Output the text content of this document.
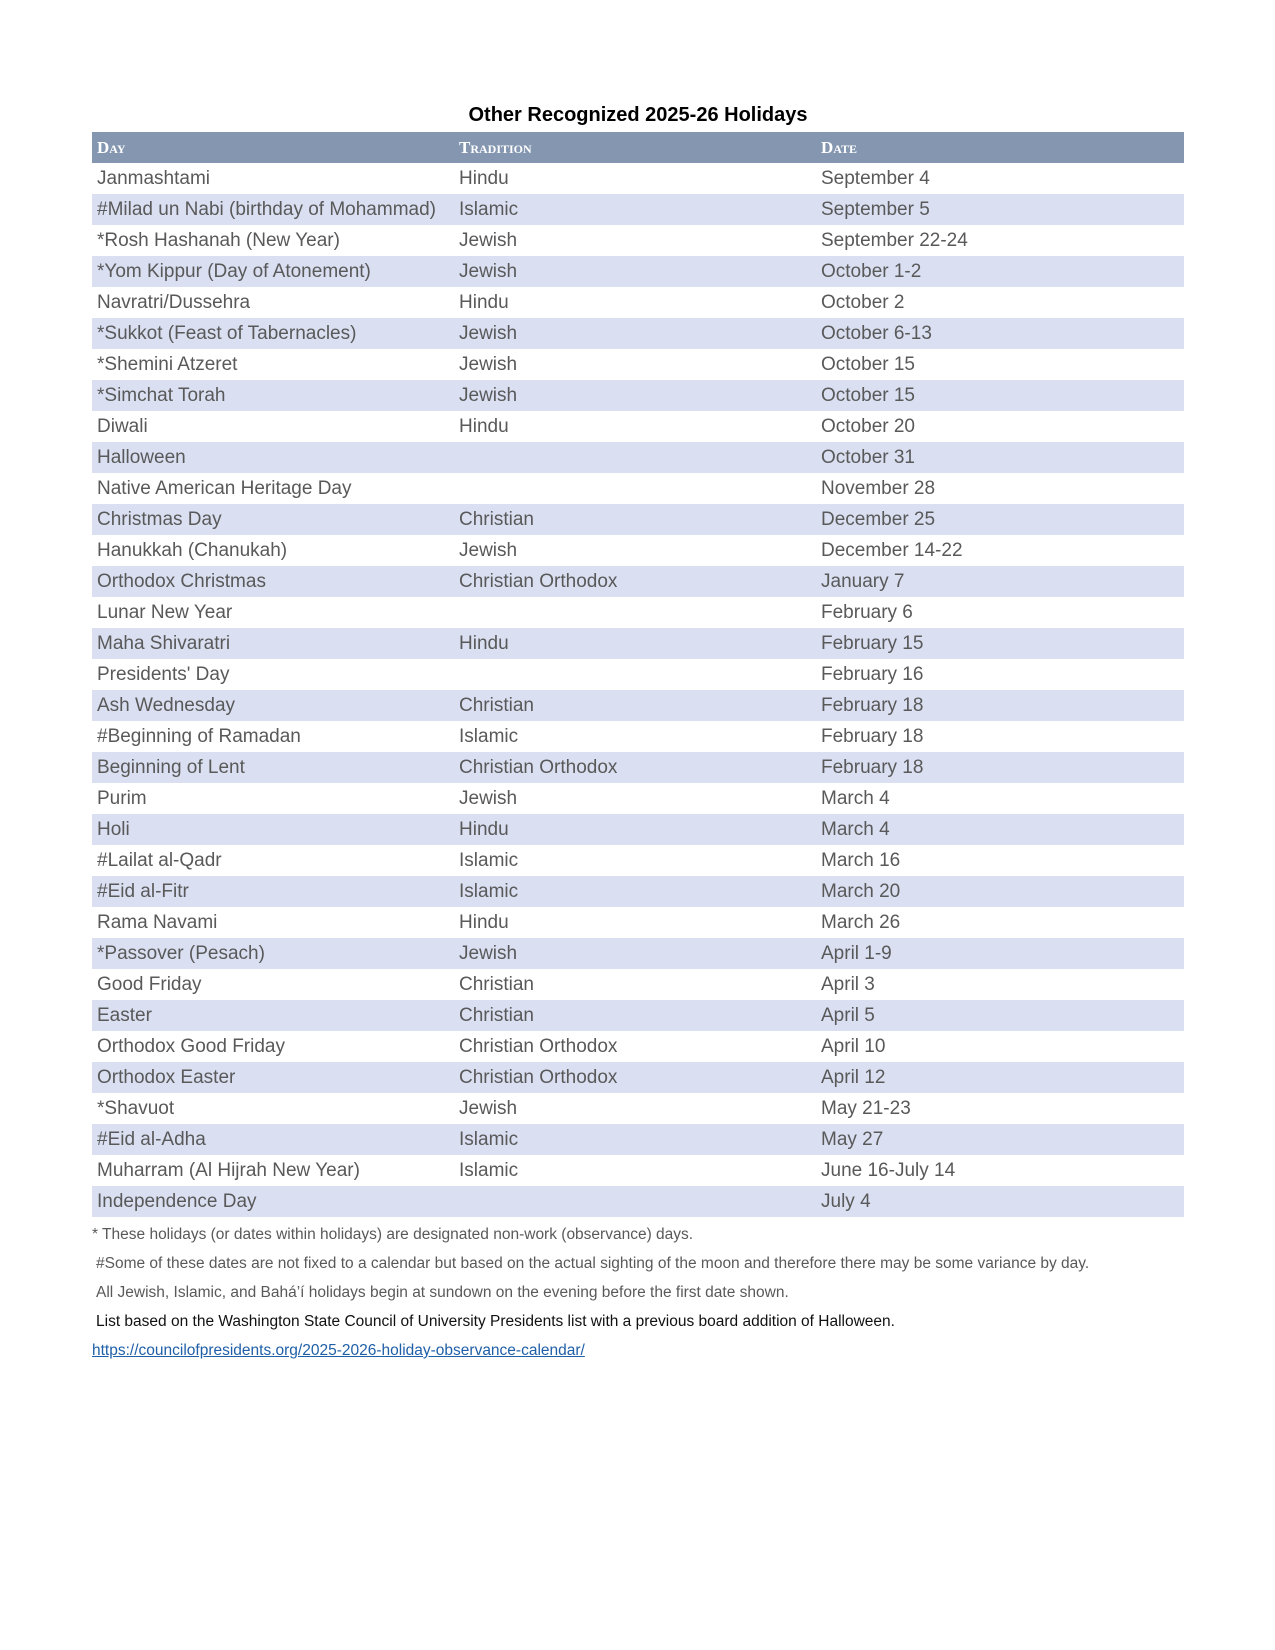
Other Recognized 2025-26 Holidays
Day	Tradition	Date
Janmashtami	Hindu	September 4
#Milad un Nabi (birthday of Mohammad)	Islamic	September 5
*Rosh Hashanah (New Year)	Jewish	September 22-24
*Yom Kippur (Day of Atonement)	Jewish	October 1-2
Navratri/Dussehra	Hindu	October 2
*Sukkot (Feast of Tabernacles)	Jewish	October 6-13
*Shemini Atzeret	Jewish	October 15
*Simchat Torah	Jewish	October 15
Diwali	Hindu	October 20
Halloween		October 31
Native American Heritage Day		November 28
Christmas Day	Christian	December 25
Hanukkah (Chanukah)	Jewish	December 14-22
Orthodox Christmas	Christian Orthodox	January 7
Lunar New Year		February 6
Maha Shivaratri	Hindu	February 15
Presidents' Day		February 16
Ash Wednesday	Christian	February 18
#Beginning of Ramadan	Islamic	February 18
Beginning of Lent	Christian Orthodox	February 18
Purim	Jewish	March 4
Holi	Hindu	March 4
#Lailat al-Qadr	Islamic	March 16
#Eid al-Fitr	Islamic	March 20
Rama Navami	Hindu	March 26
*Passover (Pesach)	Jewish	April 1-9
Good Friday	Christian	April 3
Easter	Christian	April 5
Orthodox Good Friday	Christian Orthodox	April 10
Orthodox Easter	Christian Orthodox	April 12
*Shavuot	Jewish	May 21-23
#Eid al-Adha	Islamic	May 27
Muharram (Al Hijrah New Year)	Islamic	June 16-July 14
Independence Day		July 4

* These holidays (or dates within holidays) are designated non-work (observance) days.

#Some of these dates are not fixed to a calendar but based on the actual sighting of the moon and therefore there may be some variance by day.

All Jewish, Islamic, and Bahá’í holidays begin at sundown on the evening before the first date shown.

List based on the Washington State Council of University Presidents list with a previous board addition of Halloween.

https://councilofpresidents.org/2025-2026-holiday-observance-calendar/
